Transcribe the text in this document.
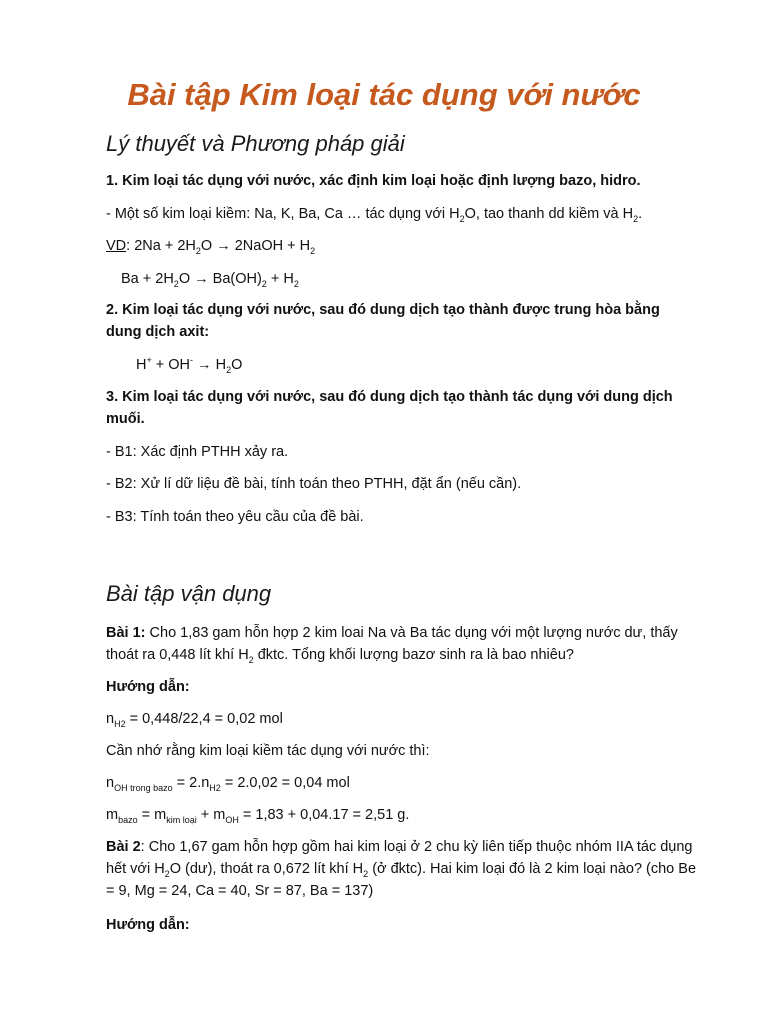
Bài tập Kim loại tác dụng với nước
Lý thuyết và Phương pháp giải
1. Kim loại tác dụng với nước, xác định kim loại hoặc định lượng bazo, hidro.
- Một số kim loại kiềm: Na, K, Ba, Ca … tác dụng với $H_2O$, tao thanh dd kiềm và $H_2$.
VD: $2Na + 2H_2O$ → 2NaOH + $H_2$
$Ba + 2H_2O \to Ba(OH)_2 + H_2$
2. Kim loại tác dụng với nước, sau đó dung dịch tạo thành được trung hòa bằng dung dịch axit:
$H^+ + OH^- \to H_2O$
3. Kim loại tác dụng với nước, sau đó dung dịch tạo thành tác dụng với dung dịch muối.
- B1: Xác định PTHH xảy ra.
- B2: Xử lí dữ liệu đề bài, tính toán theo PTHH, đặt ẩn (nếu cần).
- B3: Tính toán theo yêu cầu của đề bài.
Bài tập vận dụng
Bài 1: Cho 1,83 gam hỗn hợp 2 kim loai Na và Ba tác dụng với một lượng nước dư, thấy thoát ra 0,448 lít khí $H_2$ đktc. Tổng khối lượng bazơ sinh ra là bao nhiêu?
Hướng dẫn:
$n_{H2} = 0,448/22,4 = 0,02$ mol
Cần nhớ rằng kim loại kiềm tác dụng với nước thì:
$n_{OH trong bazo} = 2.n_{H2} = 2.0,02 = 0,04$ mol
$m_{bazo} = m_{kim loại} + m_{OH} = 1,83 + 0,04.17 = 2,51$ g.
Bài 2: Cho 1,67 gam hỗn hợp gồm hai kim loại ở 2 chu kỳ liên tiếp thuộc nhóm IIA tác dụng hết với $H_2O$ (dư), thoát ra 0,672 lít khí $H_2$ (ở đktc). Hai kim loại đó là 2 kim loại nào? (cho Be = 9, Mg = 24, Ca = 40, Sr = 87, Ba = 137)
Hướng dẫn:
